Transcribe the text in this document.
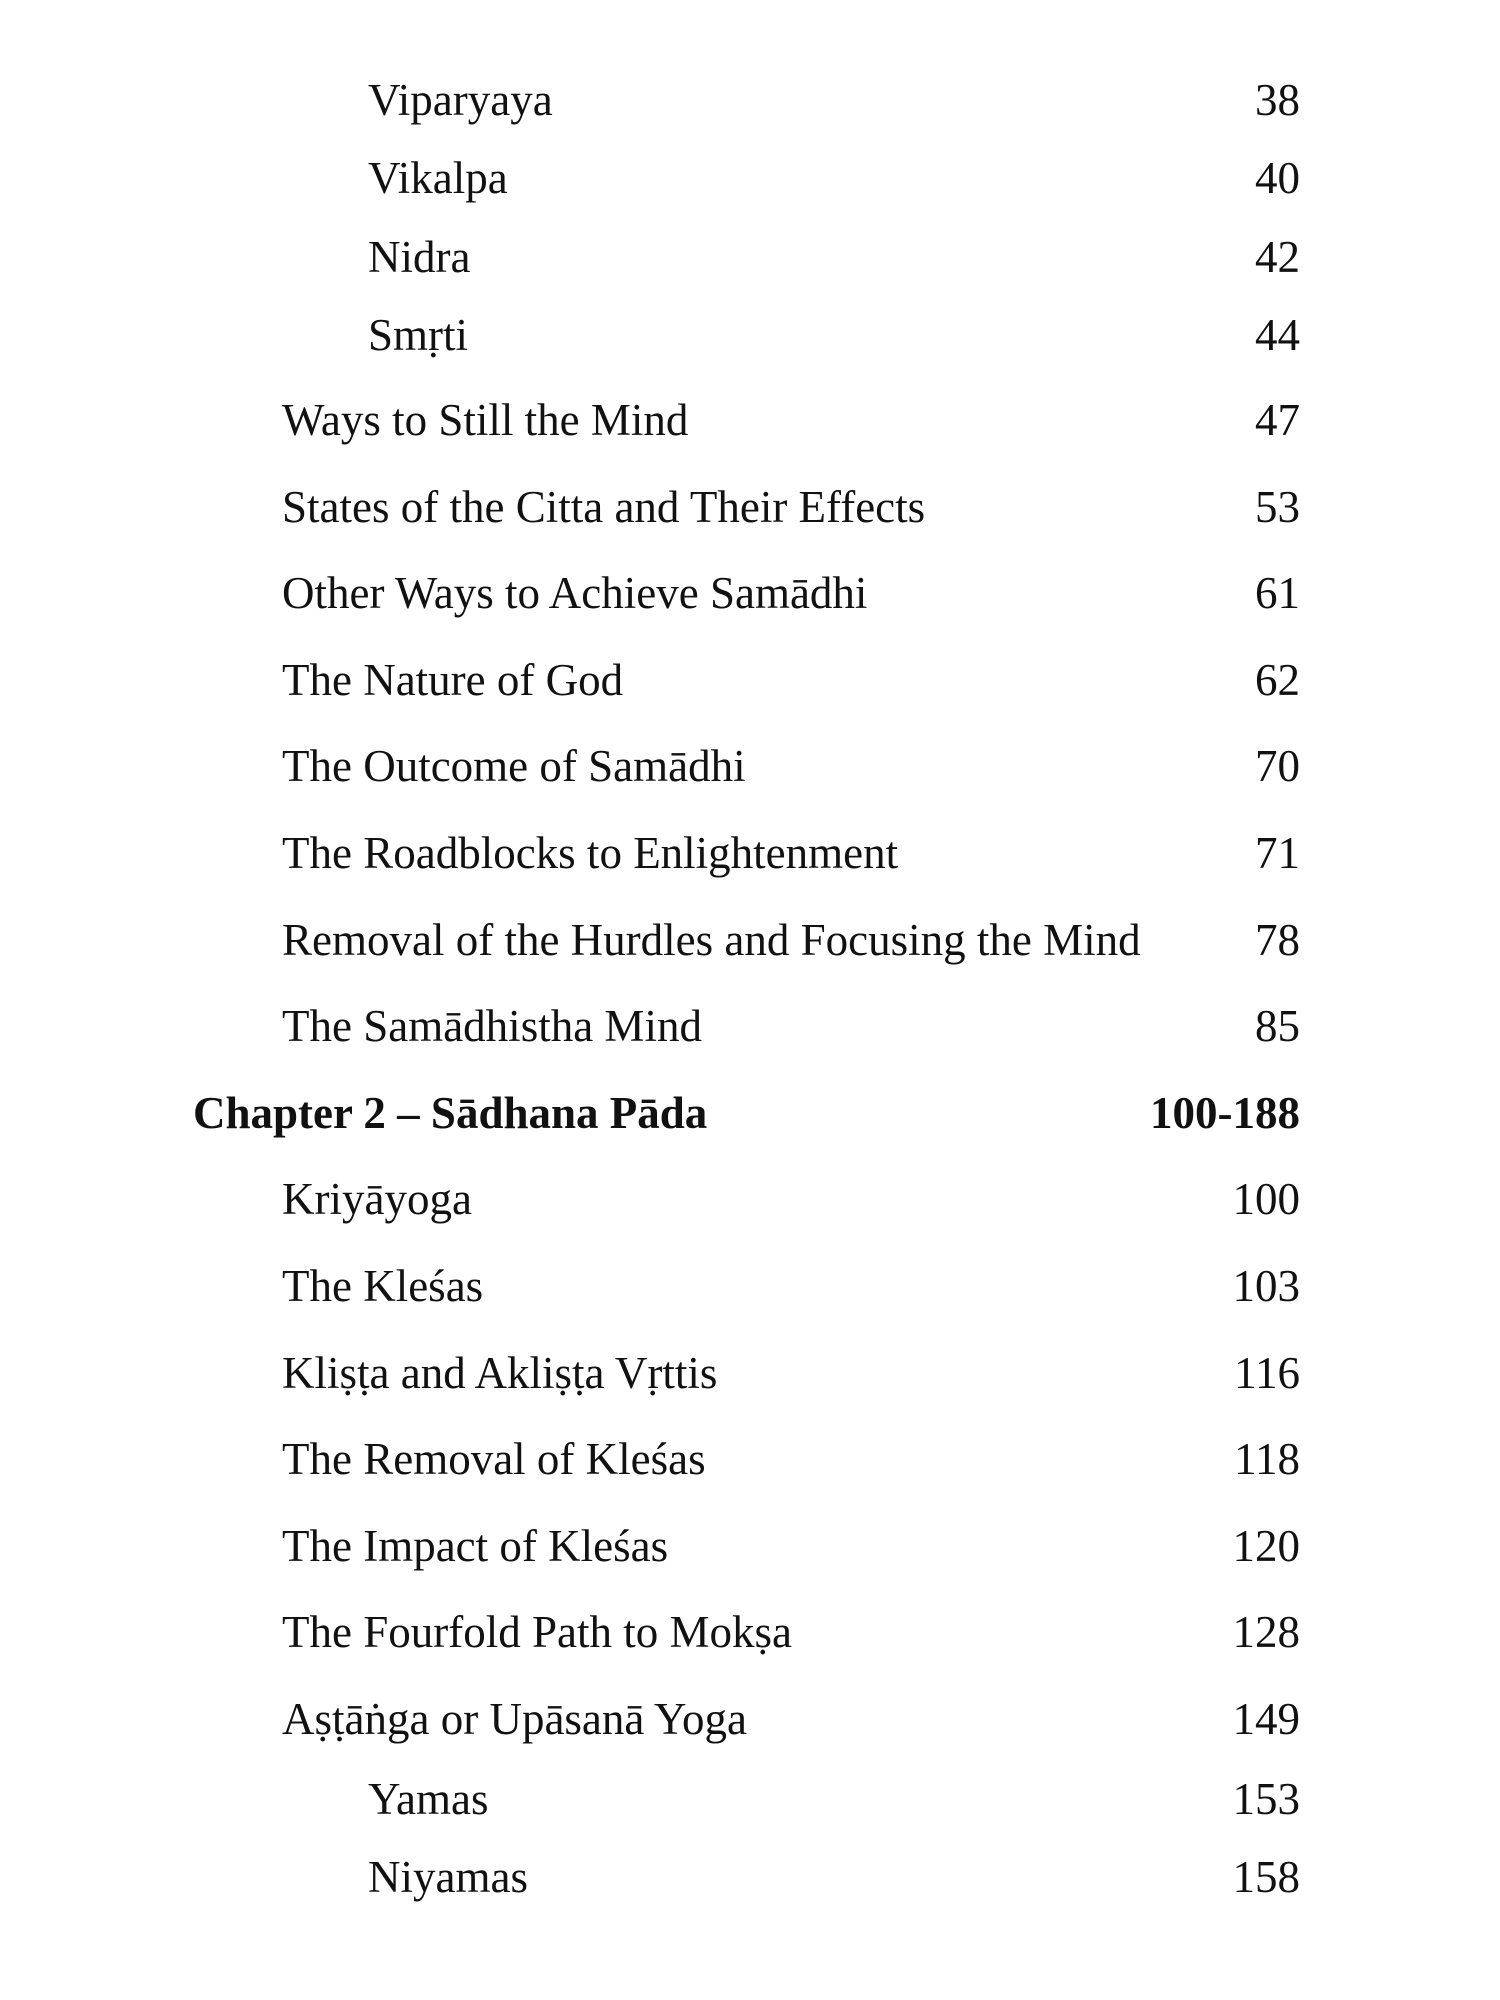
Viparyaya	38
Vikalpa	40
Nidra	42
Smṛti	44
Ways to Still the Mind	47
States of the Citta and Their Effects	53
Other Ways to Achieve Samādhi	61
The Nature of God	62
The Outcome of Samādhi	70
The Roadblocks to Enlightenment	71
Removal of the Hurdles and Focusing the Mind	78
The Samādhistha Mind	85
Chapter 2 – Sādhana Pāda	100-188
Kriyāyoga	100
The Kleśas	103
Kliṣṭa and Akliṣṭa Vṛttis	116
The Removal of Kleśas	118
The Impact of Kleśas	120
The Fourfold Path to Mokṣa	128
Aṣṭāṅga or Upāsanā Yoga	149
Yamas	153
Niyamas	158
